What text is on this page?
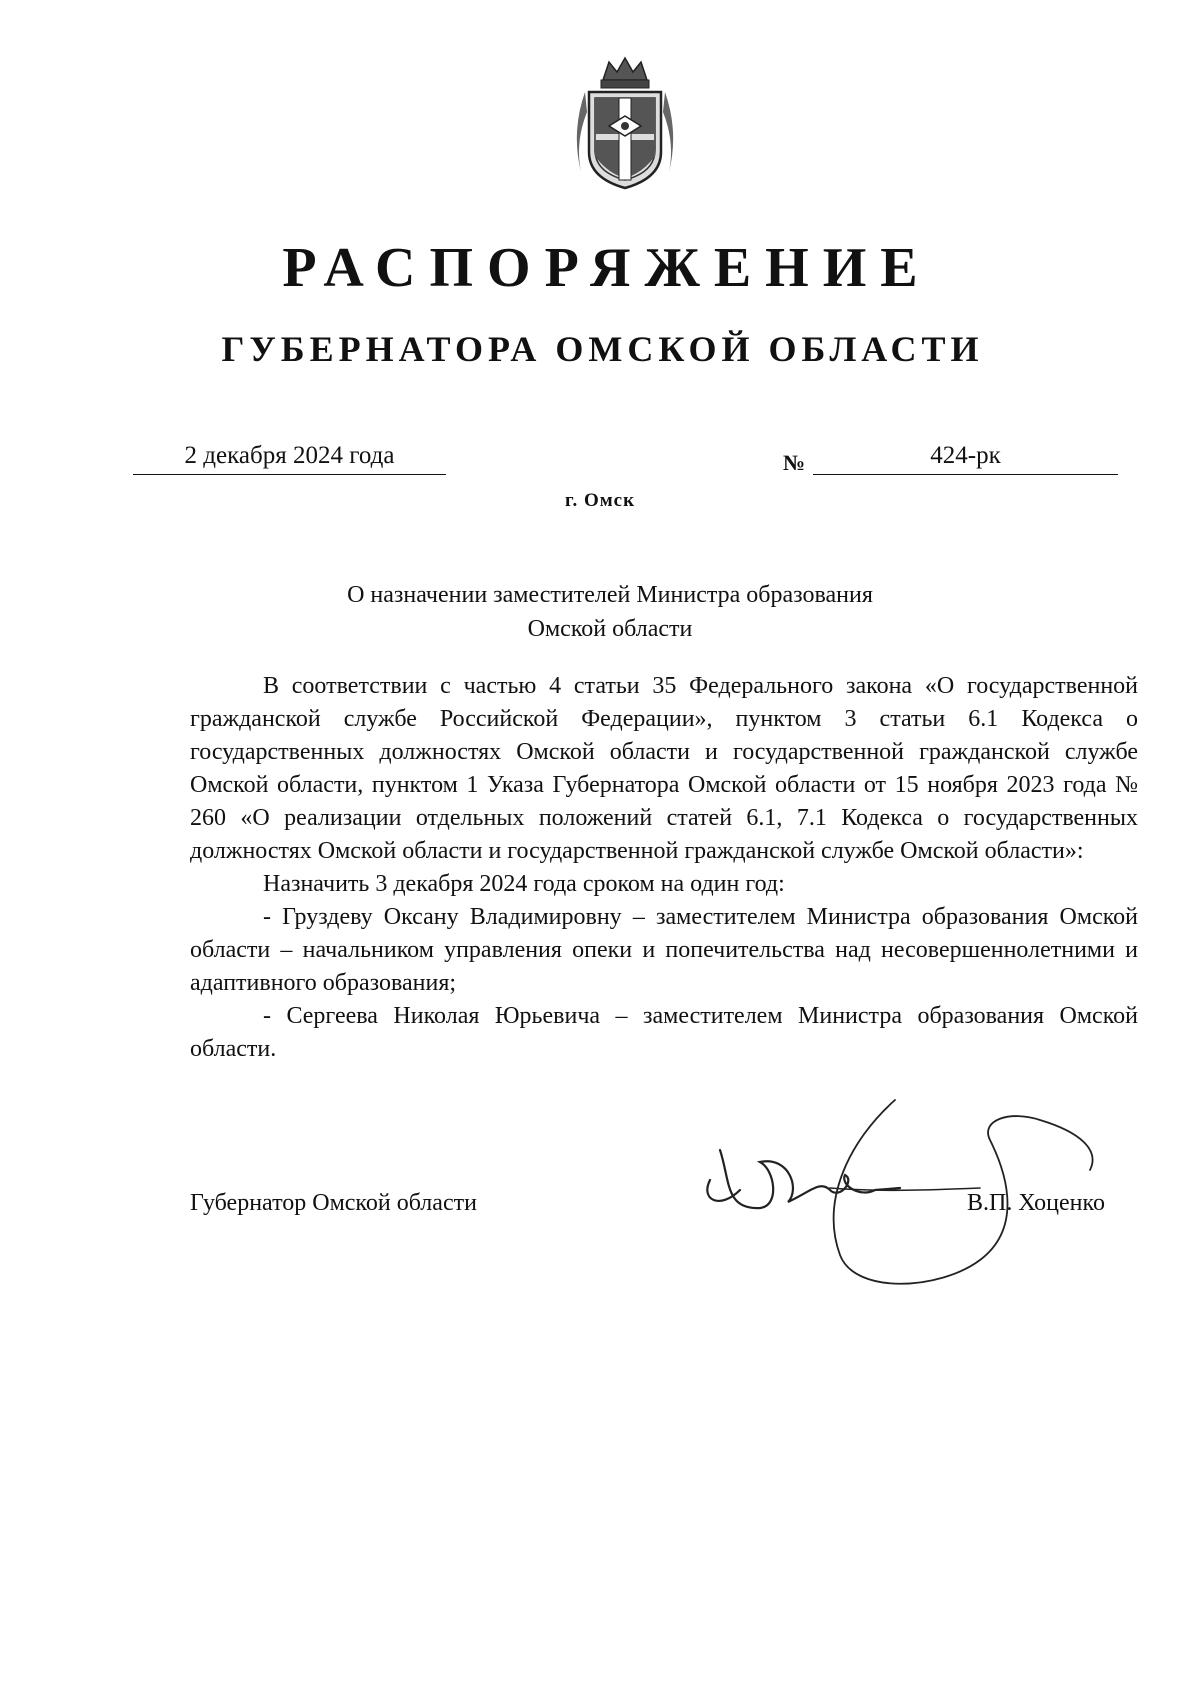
РАСПОРЯЖЕНИЕ
ГУБЕРНАТОРА ОМСКОЙ ОБЛАСТИ
2 декабря 2024 года	№	424-рк
г. Омск
О назначении заместителей Министра образования
Омской области

В соответствии с частью 4 статьи 35 Федерального закона «О государственной гражданской службе Российской Федерации», пунктом 3 статьи 6.1 Кодекса о государственных должностях Омской области и государственной гражданской службе Омской области, пунктом 1 Указа Губернатора Омской области от 15 ноября 2023 года № 260 «О реализации отдельных положений статей 6.1, 7.1 Кодекса о государственных должностях Омской области и государственной гражданской службе Омской области»:

Назначить 3 декабря 2024 года сроком на один год:

- Груздеву Оксану Владимировну – заместителем Министра образования Омской области – начальником управления опеки и попечительства над несовершеннолетними и адаптивного образования;

- Сергеева Николая Юрьевича – заместителем Министра образования Омской области.

Губернатор Омской области	В.П. Хоценко
